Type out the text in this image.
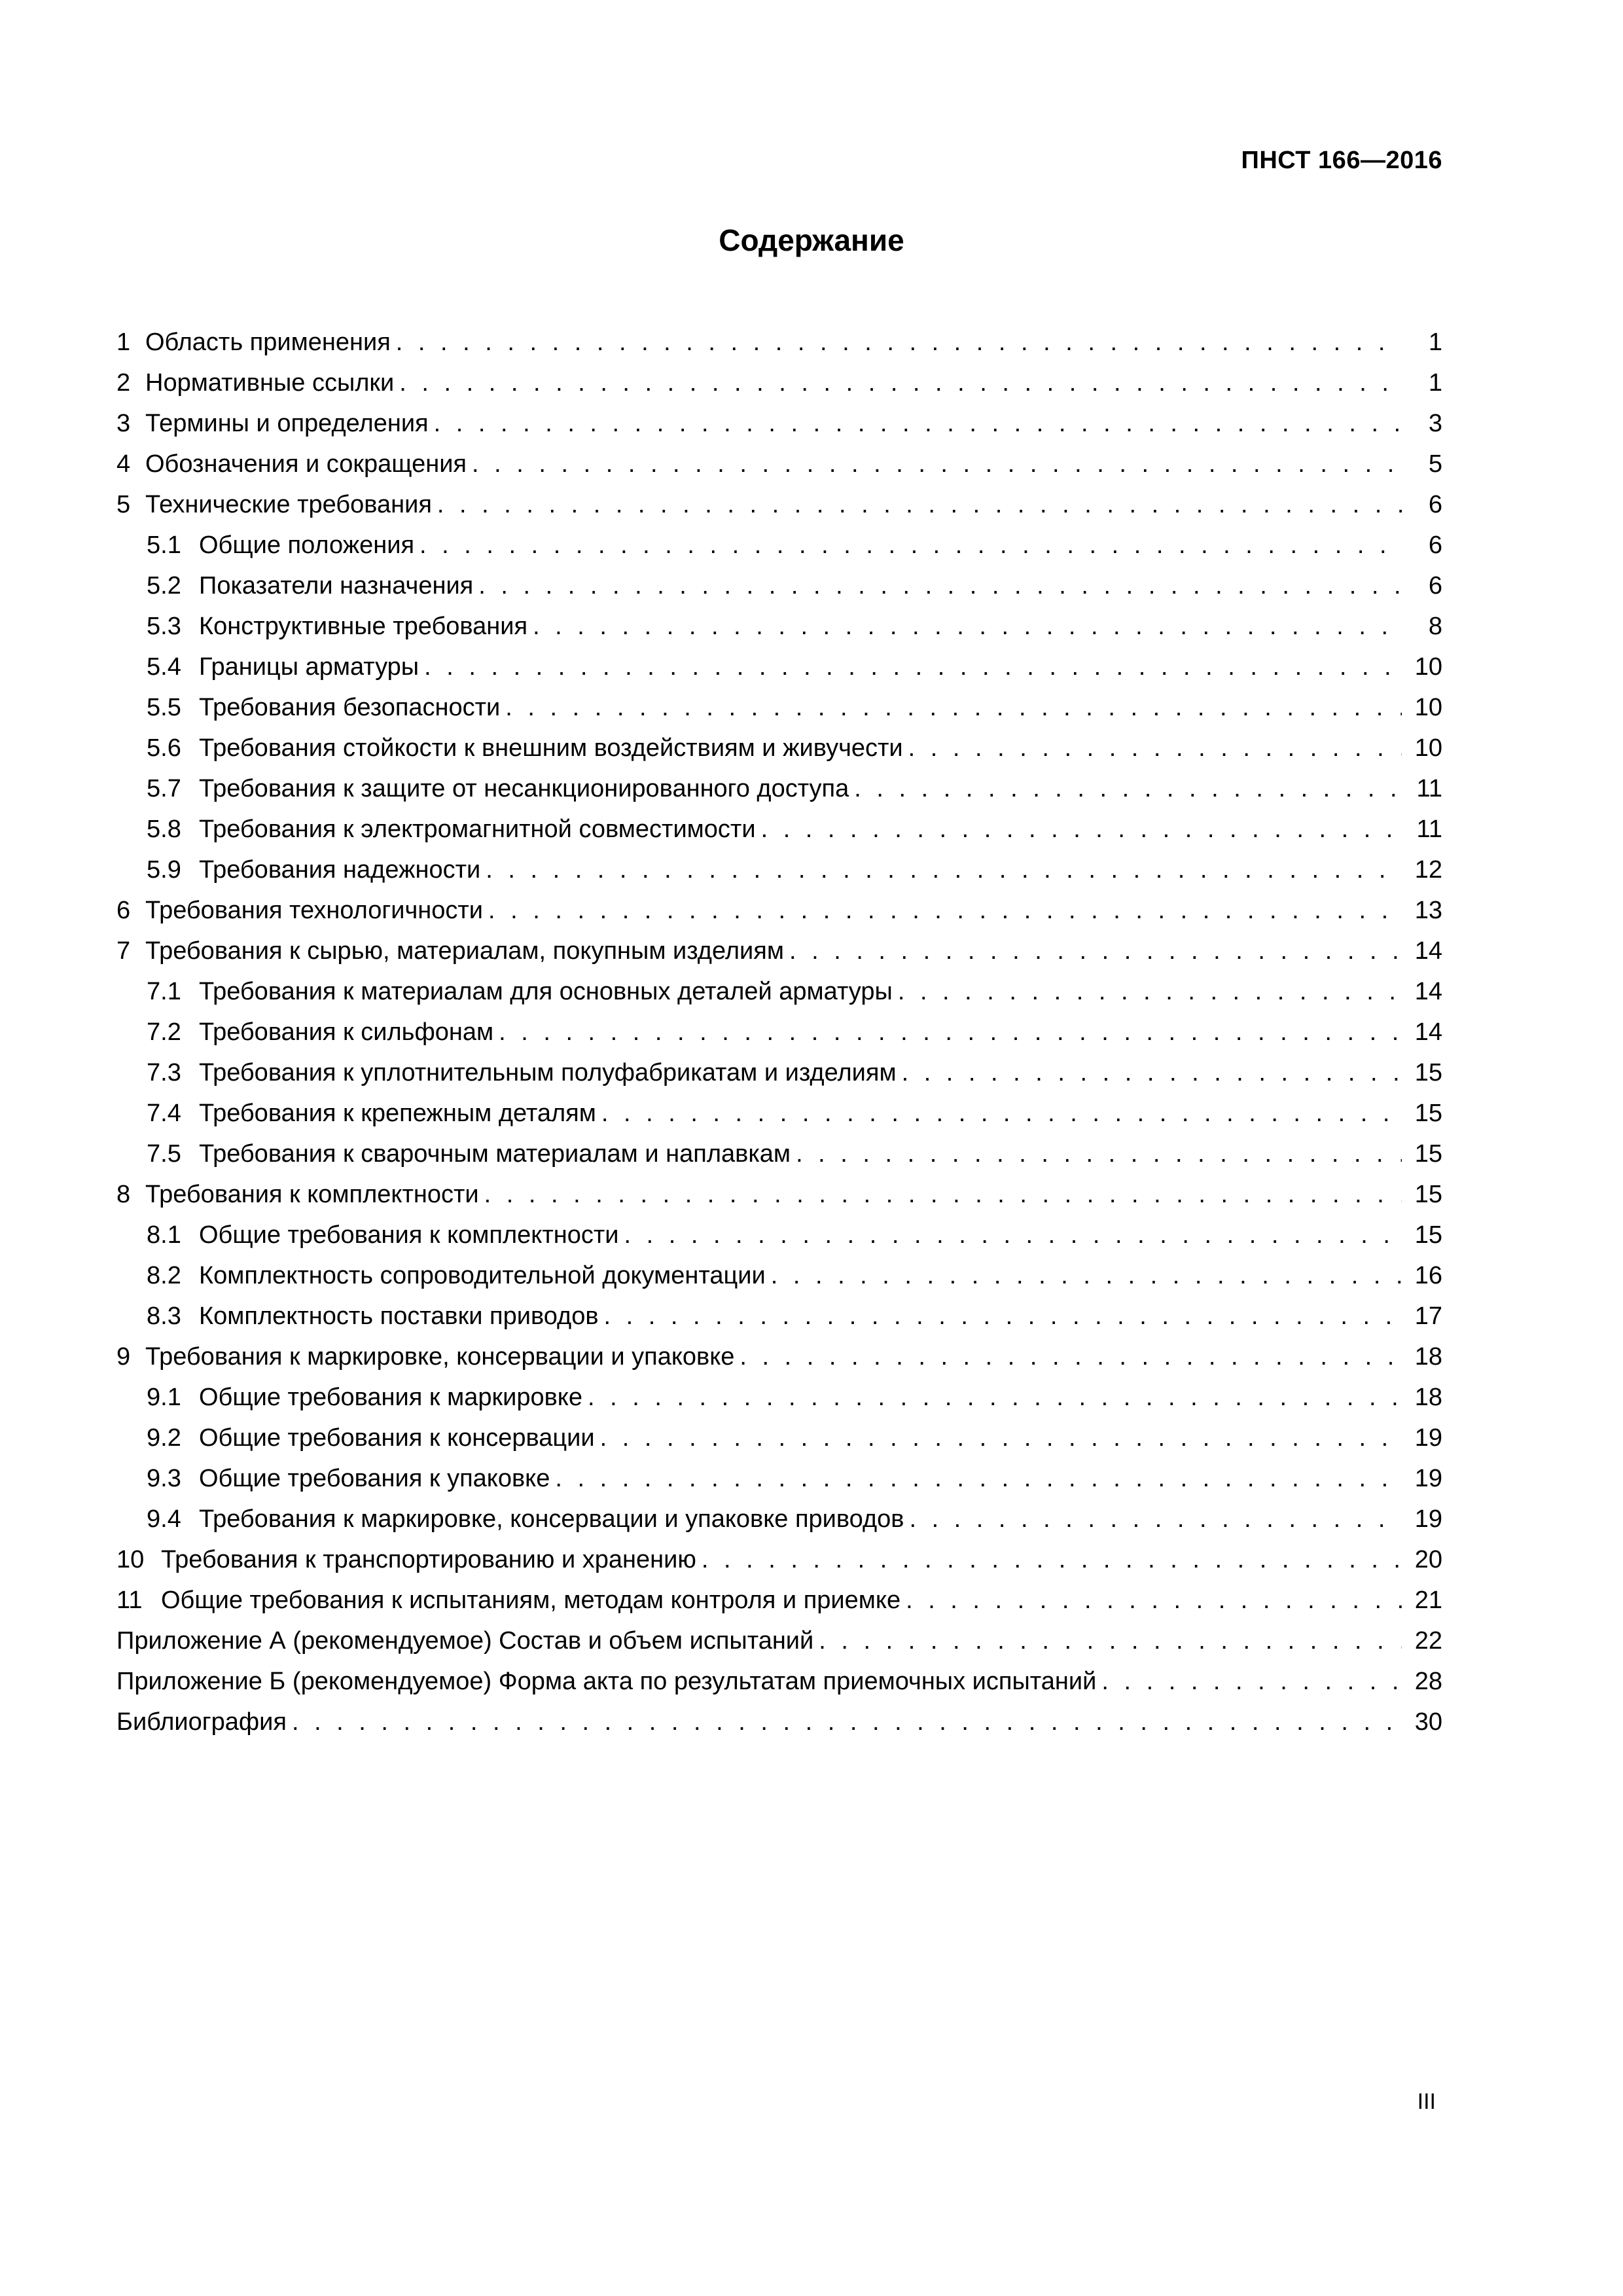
ПНСТ 166—2016
Содержание
1 Область применения . . .	1
2 Нормативные ссылки . . .	1
3 Термины и определения . . .	3
4 Обозначения и сокращения . . .	5
5 Технические требования . . .	6
5.1 Общие положения . . .	6
5.2 Показатели назначения . . .	6
5.3 Конструктивные требования . . .	8
5.4 Границы арматуры . . .	10
5.5 Требования безопасности . . .	10
5.6 Требования стойкости к внешним воздействиям и живучести . . .	10
5.7 Требования к защите от несанкционированного доступа . . .	11
5.8 Требования к электромагнитной совместимости . . .	11
5.9 Требования надежности . . .	12
6 Требования технологичности . . .	13
7 Требования к сырью, материалам, покупным изделиям . . .	14
7.1 Требования к материалам для основных деталей арматуры . . .	14
7.2 Требования к сильфонам . . .	14
7.3 Требования к уплотнительным полуфабрикатам и изделиям . . .	15
7.4 Требования к крепежным деталям . . .	15
7.5 Требования к сварочным материалам и наплавкам . . .	15
8 Требования к комплектности . . .	15
8.1 Общие требования к комплектности . . .	15
8.2 Комплектность сопроводительной документации . . .	16
8.3 Комплектность поставки приводов . . .	17
9 Требования к маркировке, консервации и упаковке . . .	18
9.1 Общие требования к маркировке . . .	18
9.2 Общие требования к консервации . . .	19
9.3 Общие требования к упаковке . . .	19
9.4 Требования к маркировке, консервации и упаковке приводов . . .	19
10 Требования к транспортированию и хранению . . .	20
11 Общие требования к испытаниям, методам контроля и приемке . . .	21
Приложение А (рекомендуемое) Состав и объем испытаний . . .	22
Приложение Б (рекомендуемое) Форма акта по результатам приемочных испытаний . . .	28
Библиография . . .	30
III
